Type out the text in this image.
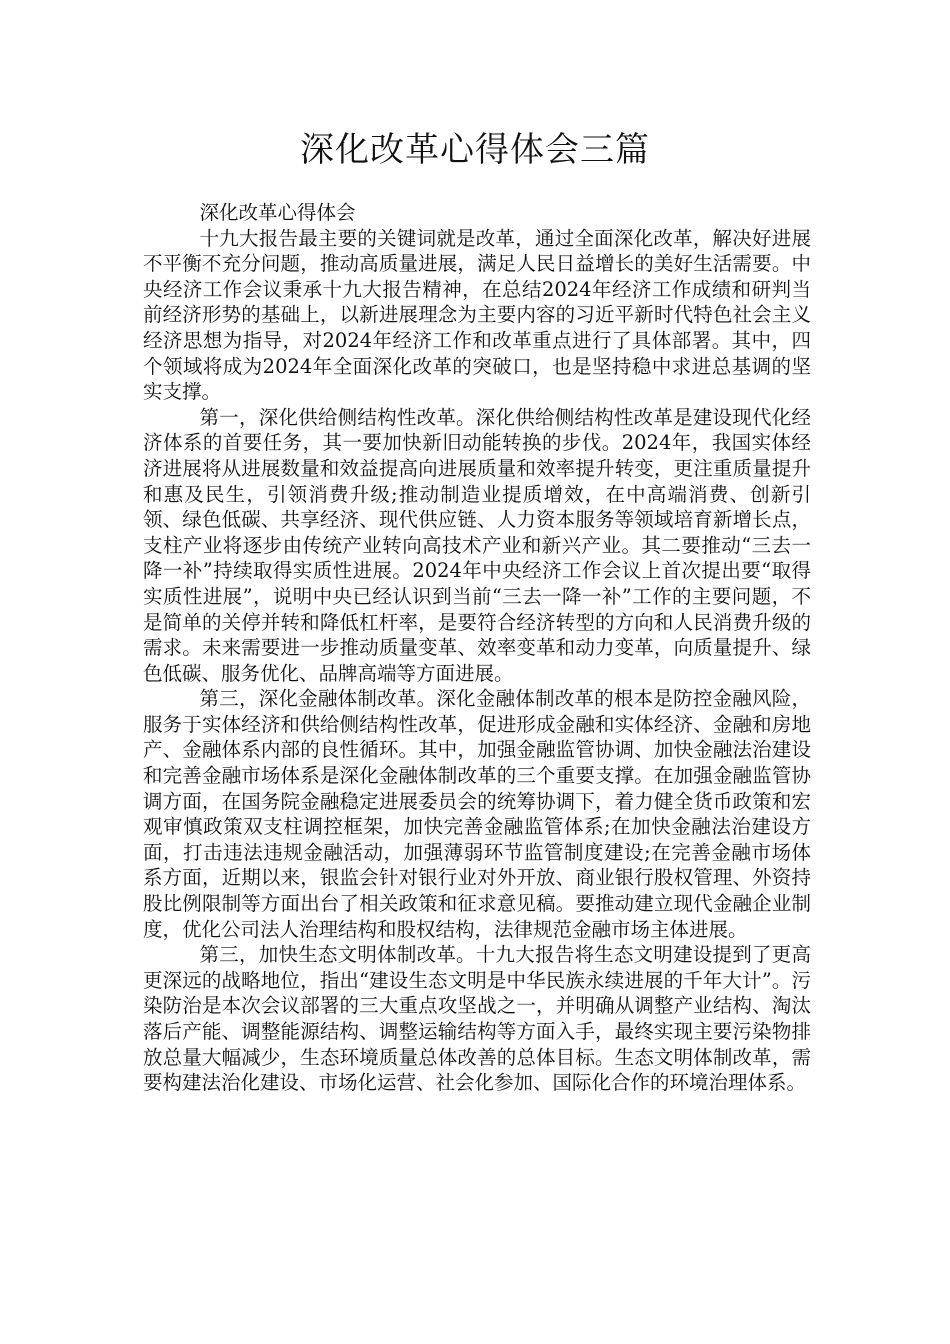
深化改革心得体会三篇

深化改革心得体会

十九大报告最主要的关键词就是改革，通过全面深化改革，解决好进展不平衡不充分问题，推动高质量进展，满足人民日益增长的美好生活需要。中央经济工作会议秉承十九大报告精神，在总结2024年经济工作成绩和研判当前经济形势的基础上，以新进展理念为主要内容的习近平新时代特色社会主义经济思想为指导，对2024年经济工作和改革重点进行了具体部署。其中，四个领域将成为2024年全面深化改革的突破口，也是坚持稳中求进总基调的坚实支撑。

第一，深化供给侧结构性改革。深化供给侧结构性改革是建设现代化经济体系的首要任务，其一要加快新旧动能转换的步伐。2024年，我国实体经济进展将从进展数量和效益提高向进展质量和效率提升转变，更注重质量提升和惠及民生，引领消费升级;推动制造业提质增效，在中高端消费、创新引领、绿色低碳、共享经济、现代供应链、人力资本服务等领域培育新增长点，支柱产业将逐步由传统产业转向高技术产业和新兴产业。其二要推动“三去一降一补”持续取得实质性进展。2024年中央经济工作会议上首次提出要“取得实质性进展”，说明中央已经认识到当前“三去一降一补”工作的主要问题，不是简单的关停并转和降低杠杆率，是要符合经济转型的方向和人民消费升级的需求。未来需要进一步推动质量变革、效率变革和动力变革，向质量提升、绿色低碳、服务优化、品牌高端等方面进展。

第三，深化金融体制改革。深化金融体制改革的根本是防控金融风险，服务于实体经济和供给侧结构性改革，促进形成金融和实体经济、金融和房地产、金融体系内部的良性循环。其中，加强金融监管协调、加快金融法治建设和完善金融市场体系是深化金融体制改革的三个重要支撑。在加强金融监管协调方面，在国务院金融稳定进展委员会的统筹协调下，着力健全货币政策和宏观审慎政策双支柱调控框架，加快完善金融监管体系;在加快金融法治建设方面，打击违法违规金融活动，加强薄弱环节监管制度建设;在完善金融市场体系方面，近期以来，银监会针对银行业对外开放、商业银行股权管理、外资持股比例限制等方面出台了相关政策和征求意见稿。要推动建立现代金融企业制度，优化公司法人治理结构和股权结构，法律规范金融市场主体进展。

第三，加快生态文明体制改革。十九大报告将生态文明建设提到了更高更深远的战略地位，指出“建设生态文明是中华民族永续进展的千年大计”。污染防治是本次会议部署的三大重点攻坚战之一，并明确从调整产业结构、淘汰落后产能、调整能源结构、调整运输结构等方面入手，最终实现主要污染物排放总量大幅减少，生态环境质量总体改善的总体目标。生态文明体制改革，需要构建法治化建设、市场化运营、社会化参加、国际化合作的环境治理体系。
